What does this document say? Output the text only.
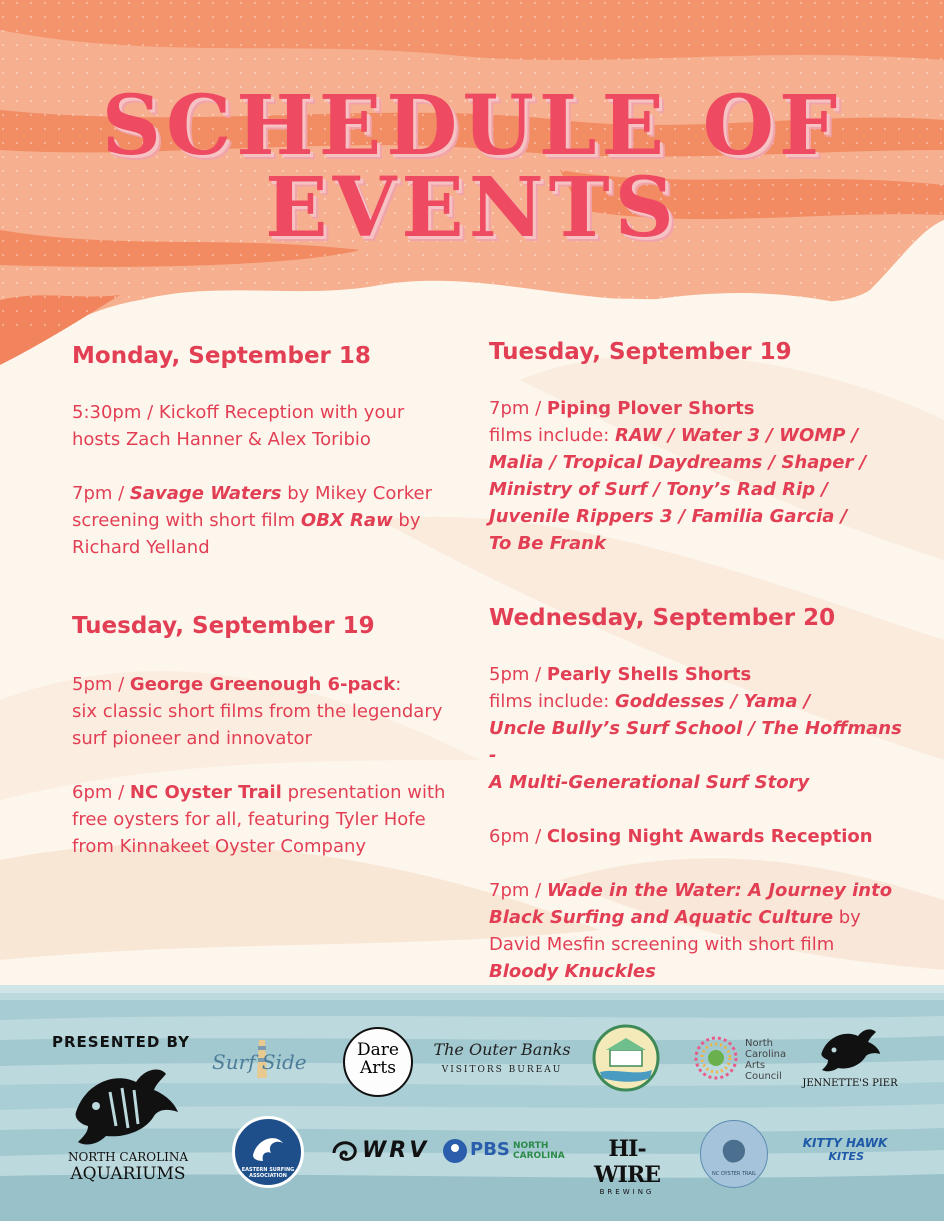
SCHEDULE OF
EVENTS

Monday, September 18

5:30pm / Kickoff Reception with your
hosts Zach Hanner & Alex Toribio

7pm / Savage Waters by Mikey Corker
screening with short film OBX Raw by
Richard Yelland

Tuesday, September 19

5pm / George Greenough 6-pack:
six classic short films from the legendary
surf pioneer and innovator

6pm / NC Oyster Trail presentation with
free oysters for all, featuring Tyler Hofe
from Kinnakeet Oyster Company

Tuesday, September 19

7pm / Piping Plover Shorts
films include: RAW / Water 3 / WOMP /
Malia / Tropical Daydreams / Shaper /
Ministry of Surf / Tony’s Rad Rip /
Juvenile Rippers 3 / Familia Garcia /
To Be Frank

Wednesday, September 20

5pm / Pearly Shells Shorts
films include: Goddesses / Yama /
Uncle Bully’s Surf School / The Hoffmans -
A Multi-Generational Surf Story

6pm / Closing Night Awards Reception

7pm / Wade in the Water: A Journey into
Black Surfing and Aquatic Culture by
David Mesfin screening with short film
Bloody Knuckles

PRESENTED BY
NORTH CAROLINA
AQUARIUMS
Surf Side	Dare
Arts
The Outer Banks
VISITORS BUREAU
North
Carolina
Arts
Council
JENNETTE'S PIER
EASTERN SURFING ASSOCIATION
WRV PBS NORTH
CAROLINA	HI-WIRE
BREWING
NC OYSTER TRAIL
KITTY HAWK
KITES
